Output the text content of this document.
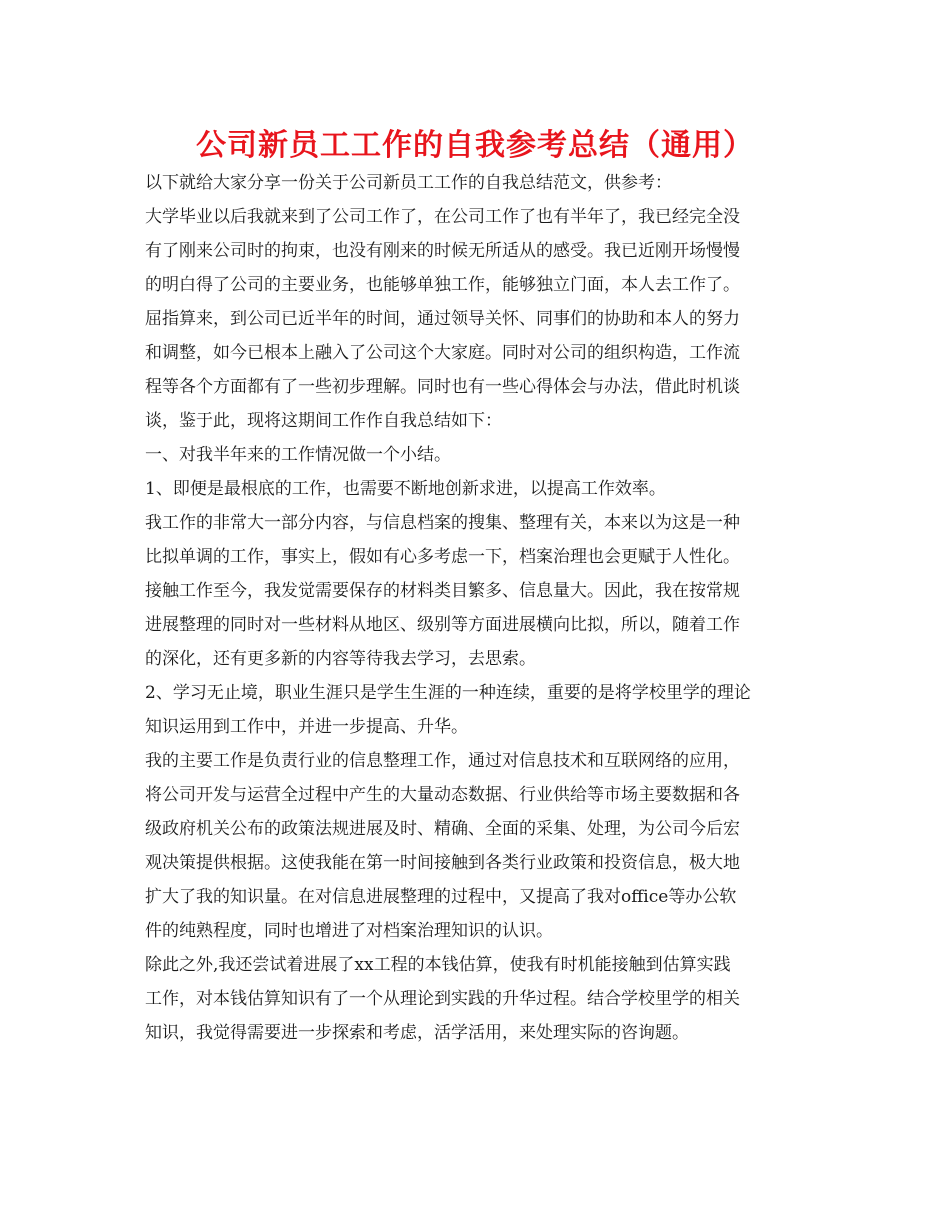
公司新员工工作的自我参考总结（通用）
以下就给大家分享一份关于公司新员工工作的自我总结范文，供参考：
大学毕业以后我就来到了公司工作了，在公司工作了也有半年了，我已经完全没
有了刚来公司时的拘束，也没有刚来的时候无所适从的感受。我已近刚开场慢慢
的明白得了公司的主要业务，也能够单独工作，能够独立门面，本人去工作了。
屈指算来，到公司已近半年的时间，通过领导关怀、同事们的协助和本人的努力
和调整，如今已根本上融入了公司这个大家庭。同时对公司的组织构造，工作流
程等各个方面都有了一些初步理解。同时也有一些心得体会与办法，借此时机谈
谈，鉴于此，现将这期间工作作自我总结如下：
一、对我半年来的工作情况做一个小结。
1、即便是最根底的工作，也需要不断地创新求进，以提高工作效率。
我工作的非常大一部分内容，与信息档案的搜集、整理有关，本来以为这是一种
比拟单调的工作，事实上，假如有心多考虑一下，档案治理也会更赋于人性化。
接触工作至今，我发觉需要保存的材料类目繁多、信息量大。因此，我在按常规
进展整理的同时对一些材料从地区、级别等方面进展横向比拟，所以，随着工作
的深化，还有更多新的内容等待我去学习，去思索。
2、学习无止境，职业生涯只是学生生涯的一种连续，重要的是将学校里学的理论
知识运用到工作中，并进一步提高、升华。
我的主要工作是负责行业的信息整理工作，通过对信息技术和互联网络的应用，
将公司开发与运营全过程中产生的大量动态数据、行业供给等市场主要数据和各
级政府机关公布的政策法规进展及时、精确、全面的采集、处理，为公司今后宏
观决策提供根据。这使我能在第一时间接触到各类行业政策和投资信息，极大地
扩大了我的知识量。在对信息进展整理的过程中，又提高了我对office等办公软
件的纯熟程度，同时也增进了对档案治理知识的认识。
除此之外,我还尝试着进展了xx工程的本钱估算，使我有时机能接触到估算实践
工作，对本钱估算知识有了一个从理论到实践的升华过程。结合学校里学的相关
知识，我觉得需要进一步探索和考虑，活学活用，来处理实际的咨询题。
